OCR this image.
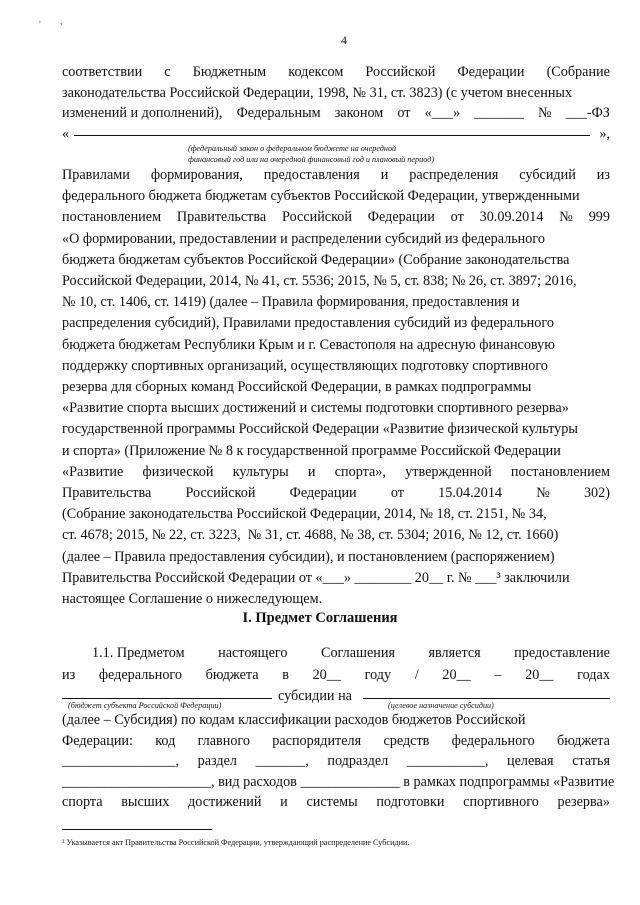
' ,
4
соответствии с Бюджетным кодексом Российской Федерации (Собрание
законодательства Российской Федерации, 1998, № 31, ст. 3823) (с учетом внесенных
изменений и дополнений), Федеральным законом от «___» _______ № ___-ФЗ
«	»,
(федеральный закон о федеральном бюджете на очередной
финансовый год или на очередной финансовый год и плановый период)
Правилами формирования, предоставления и распределения субсидий из
федерального бюджета бюджетам субъектов Российской Федерации, утвержденными
постановлением Правительства Российской Федерации от 30.09.2014 № 999
«О формировании, предоставлении и распределении субсидий из федерального
бюджета бюджетам субъектов Российской Федерации» (Собрание законодательства
Российской Федерации, 2014, № 41, ст. 5536; 2015, № 5, ст. 838; № 26, ст. 3897; 2016,
№ 10, ст. 1406, ст. 1419) (далее – Правила формирования, предоставления и
распределения субсидий), Правилами предоставления субсидий из федерального
бюджета бюджетам Республики Крым и г. Севастополя на адресную финансовую
поддержку спортивных организаций, осуществляющих подготовку спортивного
резерва для сборных команд Российской Федерации, в рамках подпрограммы
«Развитие спорта высших достижений и системы подготовки спортивного резерва»
государственной программы Российской Федерации «Развитие физической культуры
и спорта» (Приложение № 8 к государственной программе Российской Федерации
«Развитие физической культуры и спорта», утвержденной постановлением
Правительства Российской Федерации от 15.04.2014 № 302)
(Собрание законодательства Российской Федерации, 2014, № 18, ст. 2151, № 34,
ст. 4678; 2015, № 22, ст. 3223,  № 31, ст. 4688, № 38, ст. 5304; 2016, № 12, ст. 1660)
(далее – Правила предоставления субсидии), и постановлением (распоряжением)
Правительства Российской Федерации от «___» ________ 20__ г. № ___³ заключили
настоящее Соглашение о нижеследующем.
I. Предмет Соглашения
1.1. Предметом настоящего Соглашения является предоставление
из федерального бюджета в 20__ году / 20__ – 20__ годах
субсидии на
(бюджет субъекта Российской Федерации)	(целевое назначение субсидии)
(далее – Субсидия) по кодам классификации расходов бюджетов Российской
Федерации: код главного распорядителя средств федерального бюджета
________________, раздел _______, подраздел ___________, целевая статья
_____________________, вид расходов ______________ в рамках подпрограммы «Развитие
спорта высших достижений и системы подготовки спортивного резерва»
³ Указывается акт Правительства Российской Федерации, утверждающий распределение Субсидии.
